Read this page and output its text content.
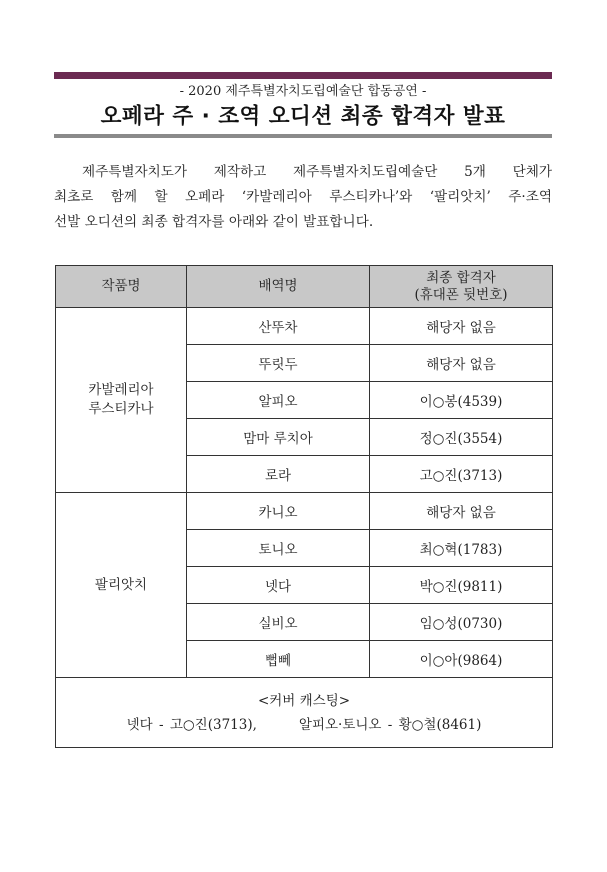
- 2020 제주특별자치도립예술단 합동공연 -
오페라 주 · 조역 오디션 최종 합격자 발표
제주특별자치도가 제작하고 제주특별자치도립예술단 5개 단체가
최초로 함께 할 오페라 ‘카발레리아 루스티카나’와 ‘팔리앗치’ 주·조역
선발 오디션의 최종 합격자를 아래와 같이 발표합니다.
작품명	배역명	최종 합격자
(휴대폰 뒷번호)
카발레리아
루스티카나	산뚜차	해당자 없음
	뚜릿두	해당자 없음
	알피오	이○봉(4539)
	맘마 루치아	정○진(3554)
	로라	고○진(3713)
팔리앗치	카니오	해당자 없음
	토니오	최○혁(1783)
	넷다	박○진(9811)
	실비오	임○성(0730)
	뻡뻬	이○아(9864)

<커버 캐스팅>
넷다 - 고○진(3713), 알피오·토니오 - 황○철(8461)		
